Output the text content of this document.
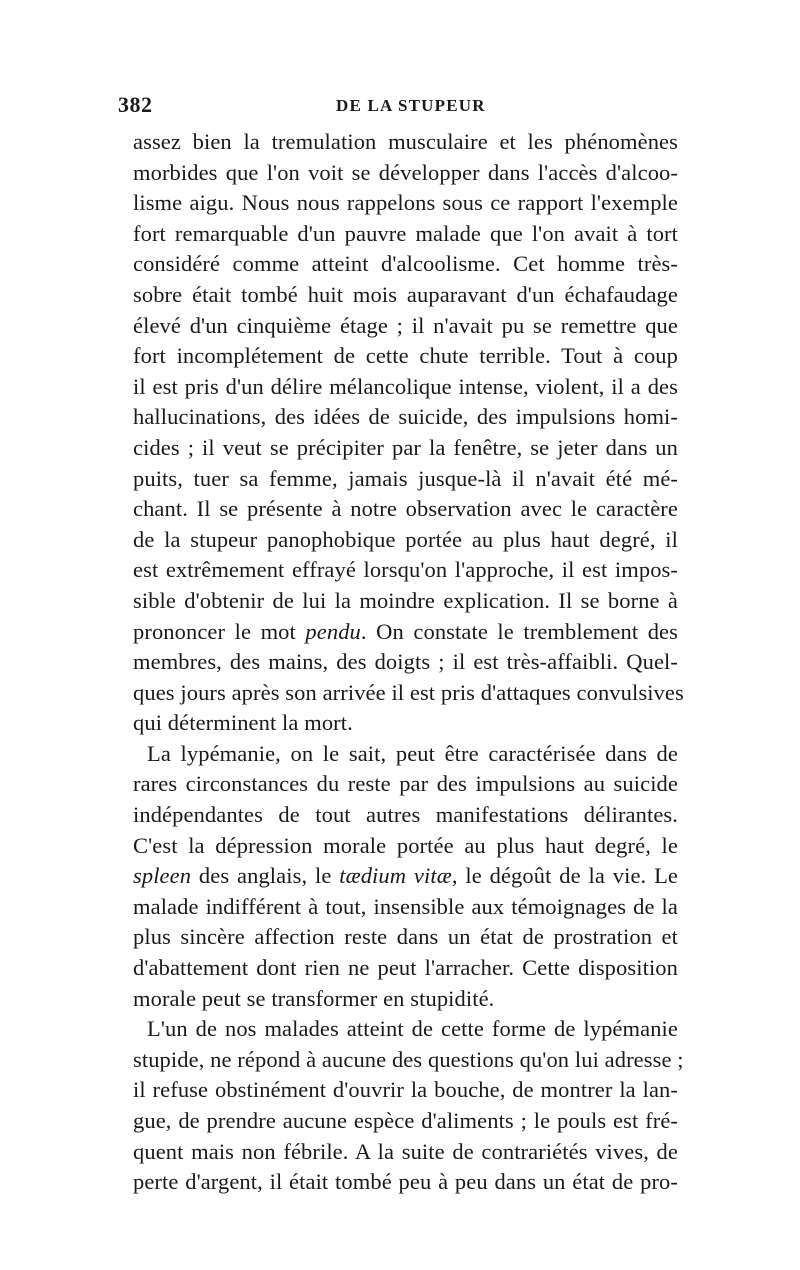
382	DE LA STUPEUR
assez bien la tremulation musculaire et les phénomènes
morbides que l'on voit se développer dans l'accès d'alcoo-
lisme aigu. Nous nous rappelons sous ce rapport l'exemple
fort remarquable d'un pauvre malade que l'on avait à tort
considéré comme atteint d'alcoolisme. Cet homme très-
sobre était tombé huit mois auparavant d'un échafaudage
élevé d'un cinquième étage ; il n'avait pu se remettre que
fort incomplétement de cette chute terrible. Tout à coup
il est pris d'un délire mélancolique intense, violent, il a des
hallucinations, des idées de suicide, des impulsions homi-
cides ; il veut se précipiter par la fenêtre, se jeter dans un
puits, tuer sa femme, jamais jusque-là il n'avait été mé-
chant. Il se présente à notre observation avec le caractère
de la stupeur panophobique portée au plus haut degré, il
est extrêmement effrayé lorsqu'on l'approche, il est impos-
sible d'obtenir de lui la moindre explication. Il se borne à
prononcer le mot pendu. On constate le tremblement des
membres, des mains, des doigts ; il est très-affaibli. Quel-
ques jours après son arrivée il est pris d'attaques convulsives
qui déterminent la mort.
La lypémanie, on le sait, peut être caractérisée dans de
rares circonstances du reste par des impulsions au suicide
indépendantes de tout autres manifestations délirantes.
C'est la dépression morale portée au plus haut degré, le
spleen des anglais, le tædium vitæ, le dégoût de la vie. Le
malade indifférent à tout, insensible aux témoignages de la
plus sincère affection reste dans un état de prostration et
d'abattement dont rien ne peut l'arracher. Cette disposition
morale peut se transformer en stupidité.
L'un de nos malades atteint de cette forme de lypémanie
stupide, ne répond à aucune des questions qu'on lui adresse ;
il refuse obstinément d'ouvrir la bouche, de montrer la lan-
gue, de prendre aucune espèce d'aliments ; le pouls est fré-
quent mais non fébrile. A la suite de contrariétés vives, de
perte d'argent, il était tombé peu à peu dans un état de pro-
